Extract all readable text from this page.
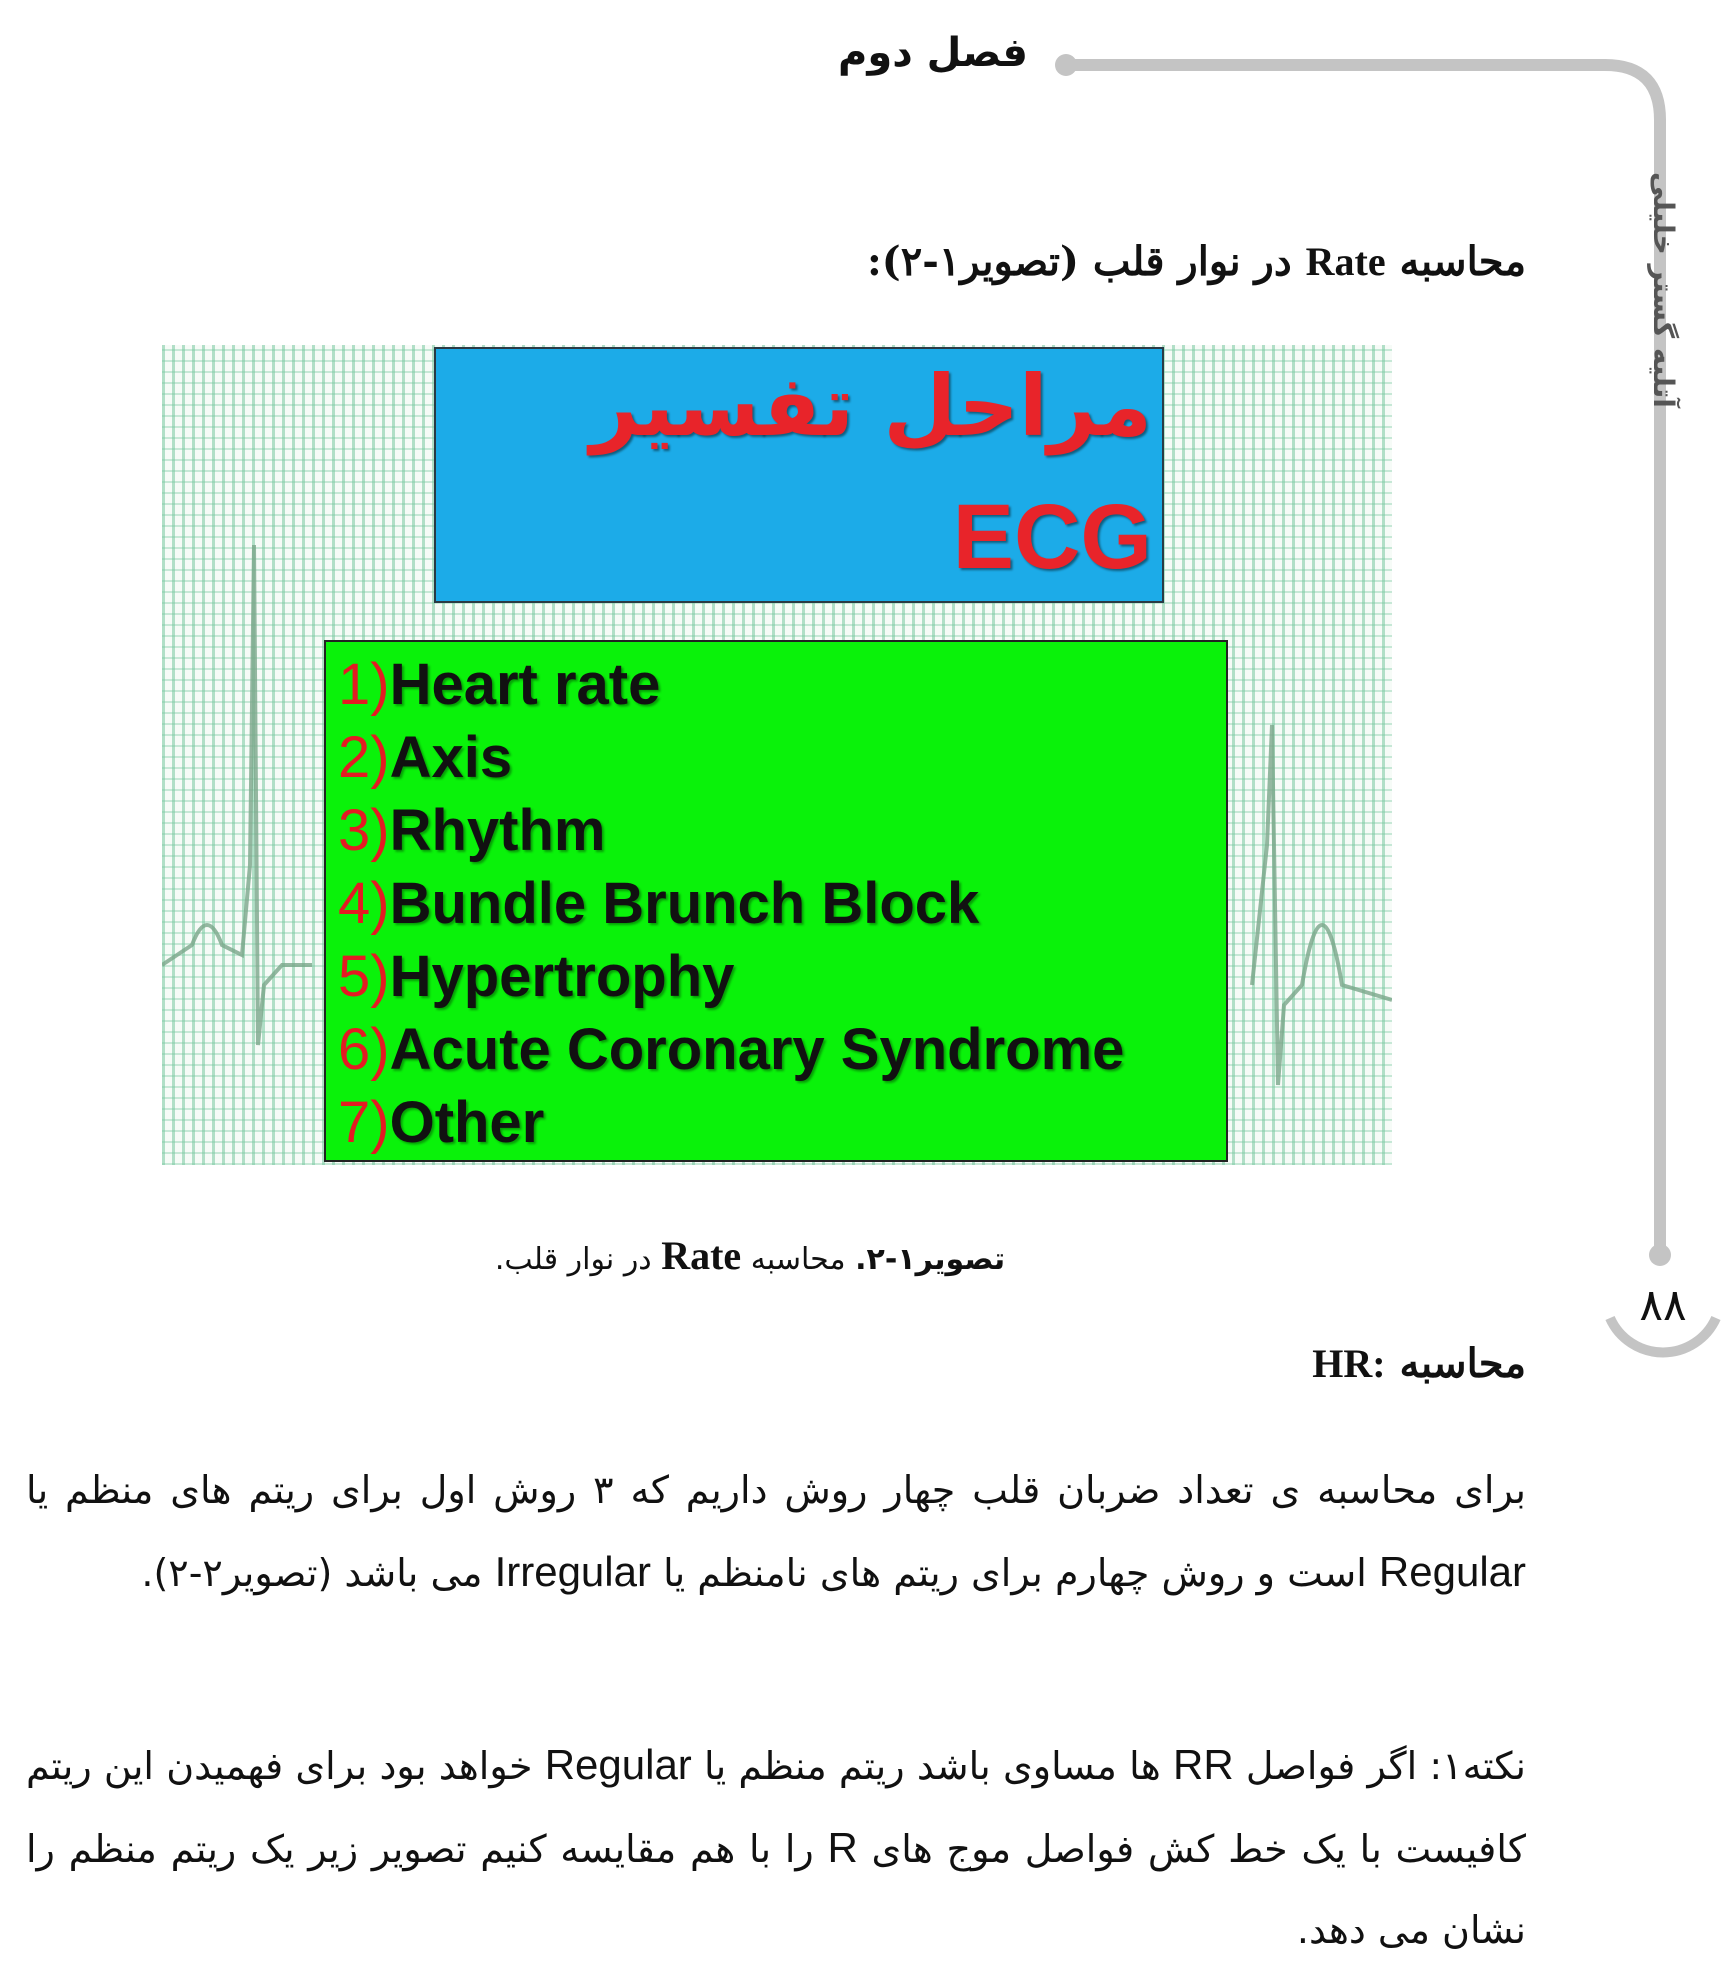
فصل دوم
آتلیه گستر خلیلی
۸۸
محاسبه Rate در نوار قلب (تصویر۱-۲):
مراحل تفسیر
ECG
1)Heart rate
2)Axis
3)Rhythm
4)Bundle Brunch Block
5)Hypertrophy
6)Acute Coronary Syndrome
7)Other
تصویر۱-۲. محاسبه Rate در نوار قلب.
محاسبه HR:

برای محاسبه ی تعداد ضربان قلب چهار روش داریم که ۳ روش اول برای ریتم های منظم یا Regular است و روش چهارم برای ریتم های نامنظم یا Irregular می باشد (تصویر۲-۲).

نکته۱: اگر فواصل RR ها مساوی باشد ریتم منظم یا Regular خواهد بود برای فهمیدن این ریتم کافیست با یک خط کش فواصل موج های R را با هم مقایسه کنیم تصویر زیر یک ریتم منظم را نشان می دهد.
